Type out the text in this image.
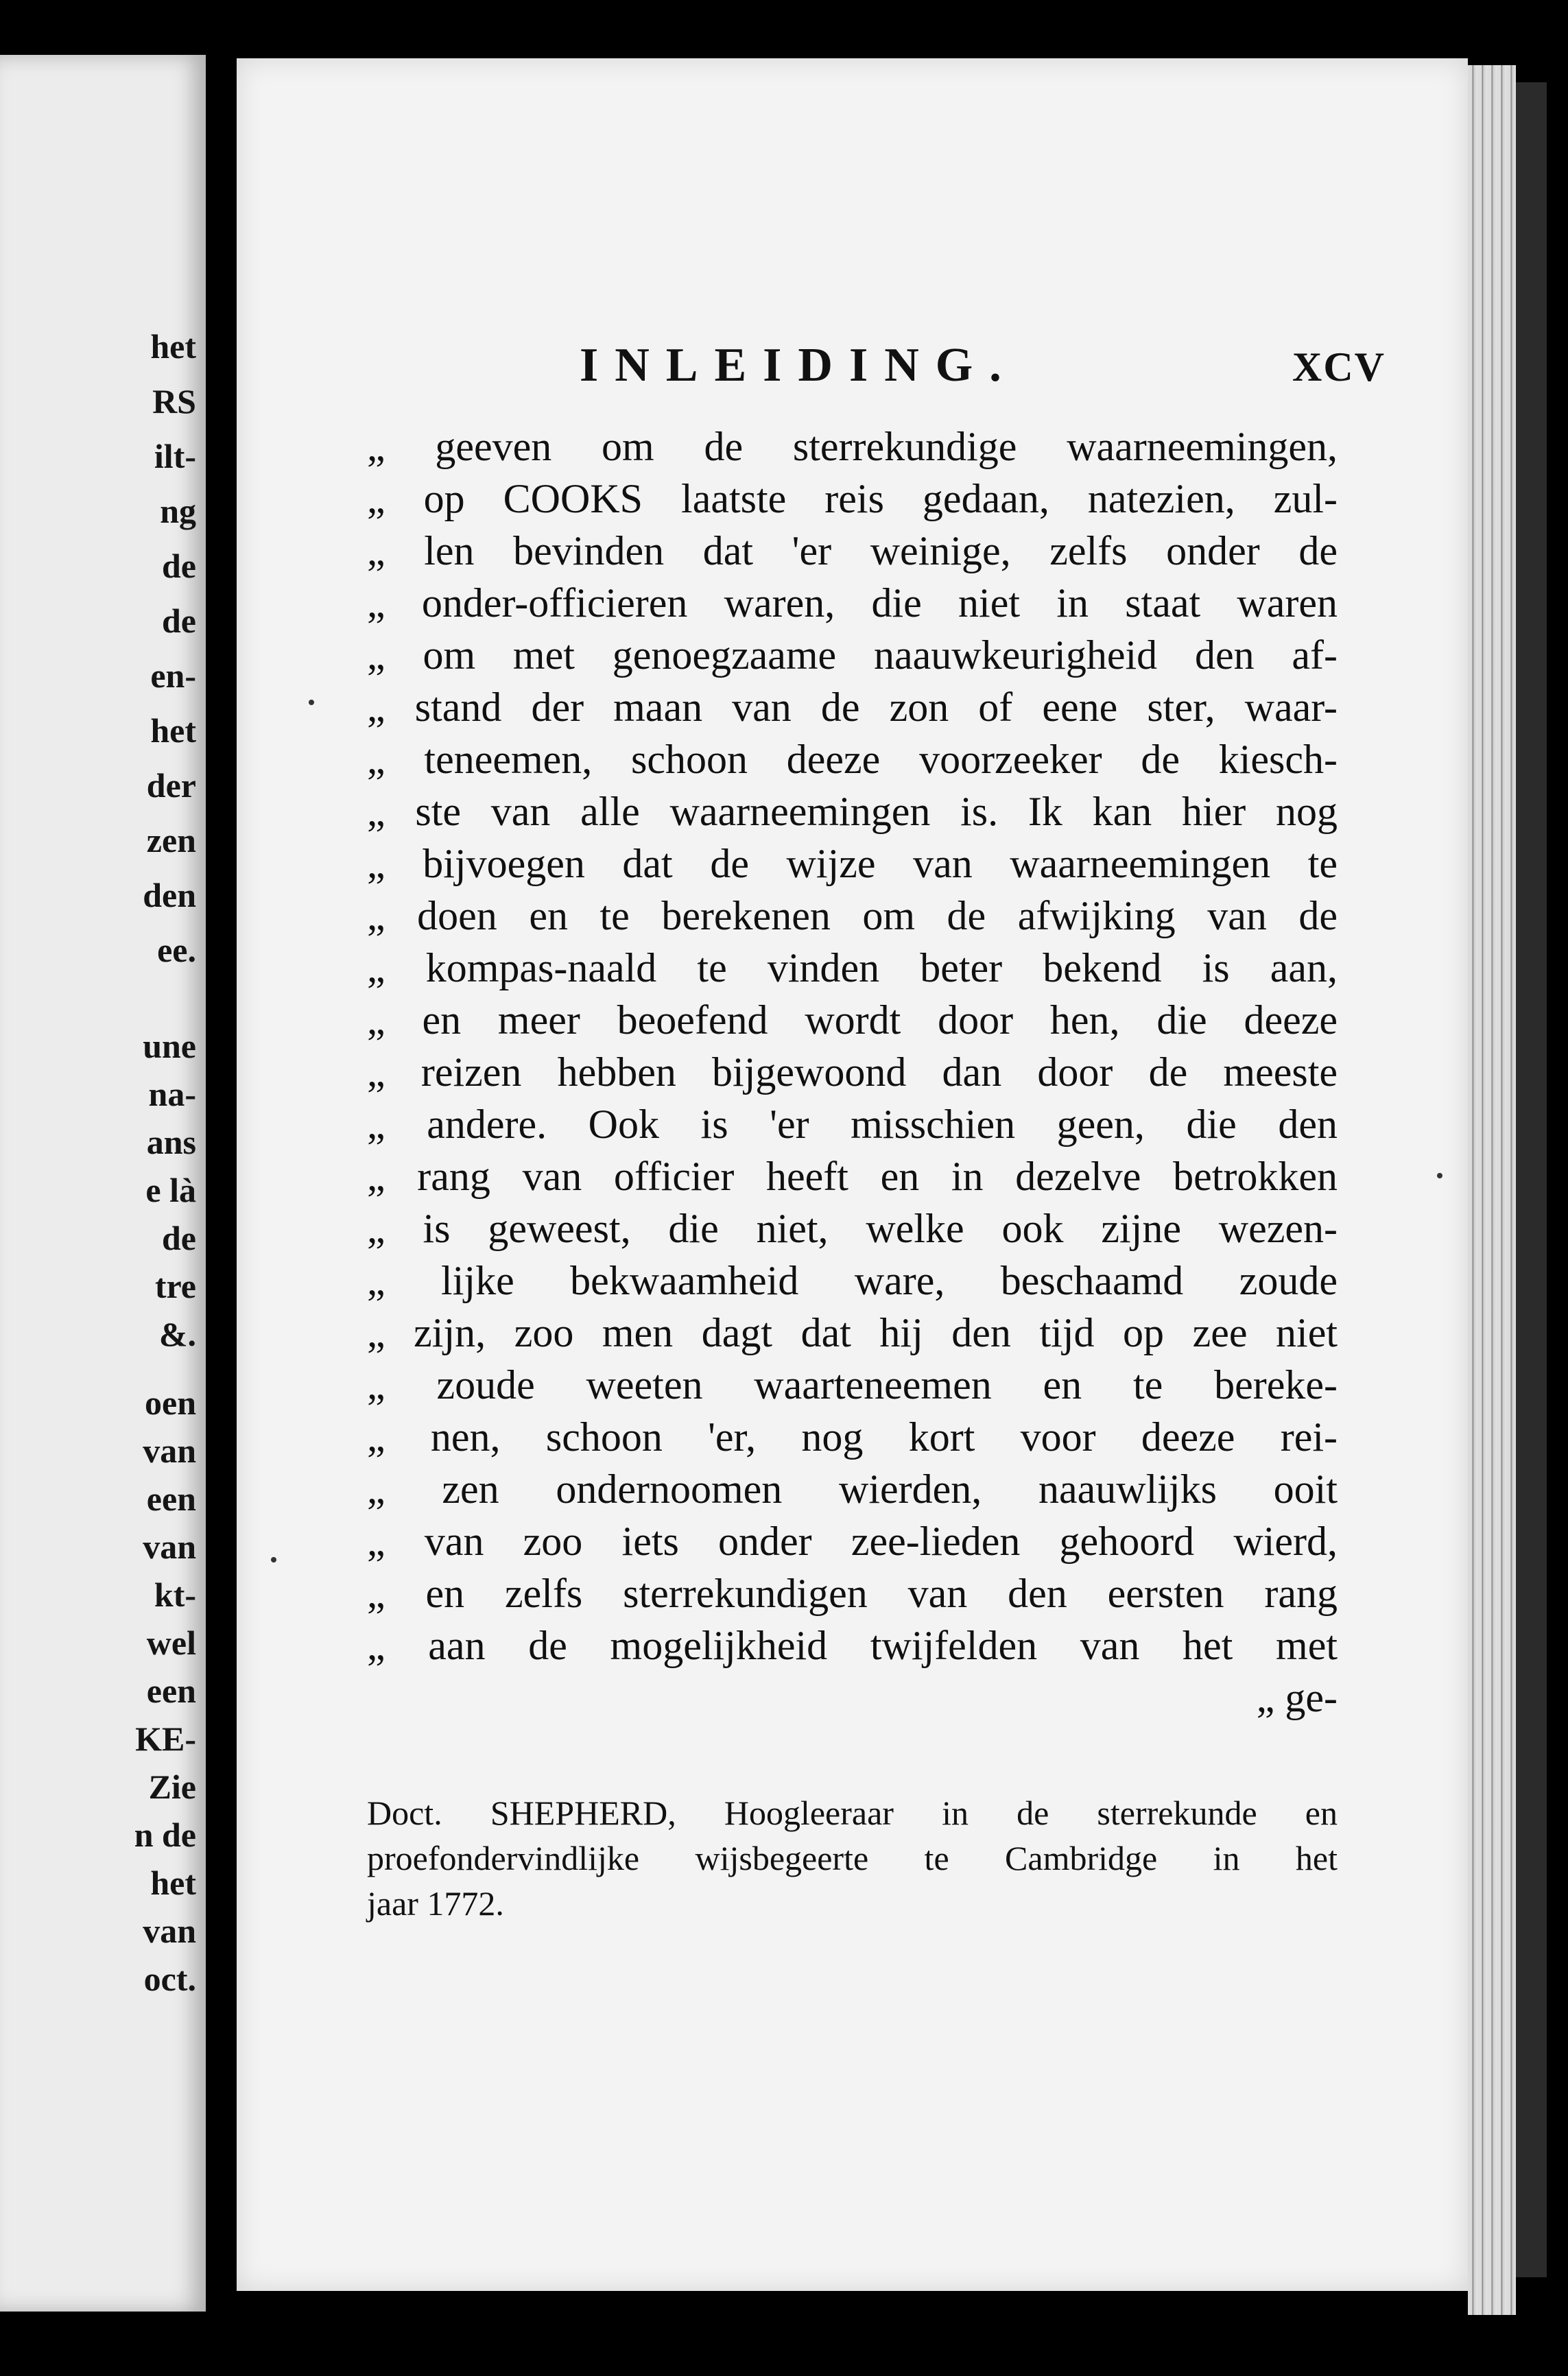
het
RS
ilt-
ng
de
de
en-
het
der
zen
den
ee.
une
na-
ans
e là
de
tre
&.
oen
van
een
van
kt-
wel
een
KE-
Zie
n de
het
van
oct.
INLEIDING.	XCV
„ geeven om de sterrekundige waarneemingen,
„ op COOKS laatste reis gedaan, natezien, zul-
„ len bevinden dat 'er weinige, zelfs onder de
„ onder-officieren waren, die niet in staat waren
„ om met genoegzaame naauwkeurigheid den af-
„ stand der maan van de zon of eene ster, waar-
„ teneemen, schoon deeze voorzeeker de kiesch-
„ ste van alle waarneemingen is. Ik kan hier nog
„ bijvoegen dat de wijze van waarneemingen te
„ doen en te berekenen om de afwijking van de
„ kompas-naald te vinden beter bekend is aan,
„ en meer beoefend wordt door hen, die deeze
„ reizen hebben bijgewoond dan door de meeste
„ andere. Ook is 'er misschien geen, die den
„ rang van officier heeft en in dezelve betrokken
„ is geweest, die niet, welke ook zijne wezen-
„ lijke bekwaamheid ware, beschaamd zoude
„ zijn, zoo men dagt dat hij den tijd op zee niet
„ zoude weeten waarteneemen en te bereke-
„ nen, schoon 'er, nog kort voor deeze rei-
„ zen ondernoomen wierden, naauwlijks ooit
„ van zoo iets onder zee-lieden gehoord wierd,
„ en zelfs sterrekundigen van den eersten rang
„ aan de mogelijkheid twijfelden van het met
„ ge-
Doct. SHEPHERD, Hoogleeraar in de sterrekunde en
proefondervindlijke wijsbegeerte te Cambridge in het
jaar 1772.
